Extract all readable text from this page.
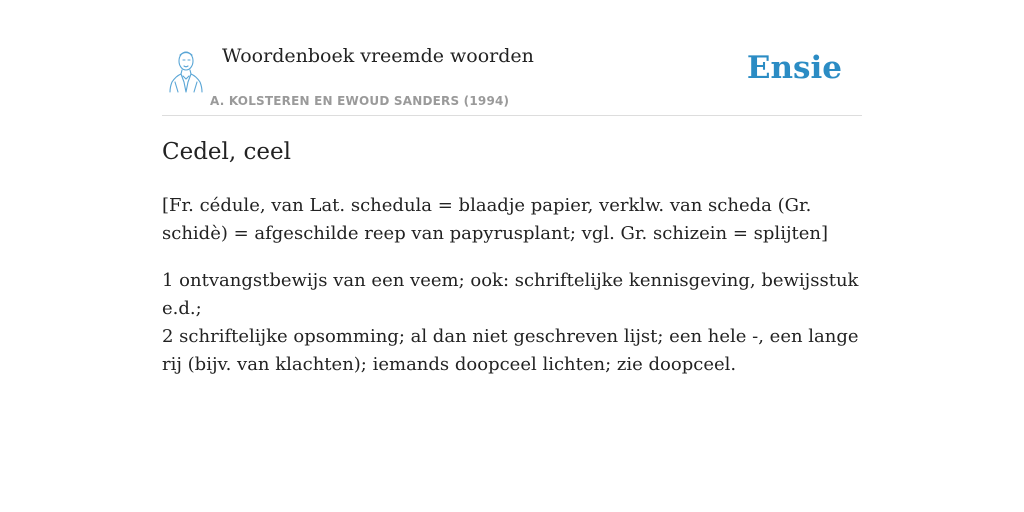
Woordenboek vreemde woorden
A. KOLSTEREN EN EWOUD SANDERS (1994)
Ensie
Cedel, ceel

[Fr. cédule, van Lat. schedula = blaadje papier, verklw. van scheda (Gr. schidè) = afgeschilde reep van papyrusplant; vgl. Gr. schizein = splijten]

1 ontvangstbewijs van een veem; ook: schriftelijke kennisgeving, bewijsstuk e.d.;

2 schriftelijke opsomming; al dan niet geschreven lijst; een hele -, een lange rij (bijv. van klachten); iemands doopceel lichten; zie doopceel.
